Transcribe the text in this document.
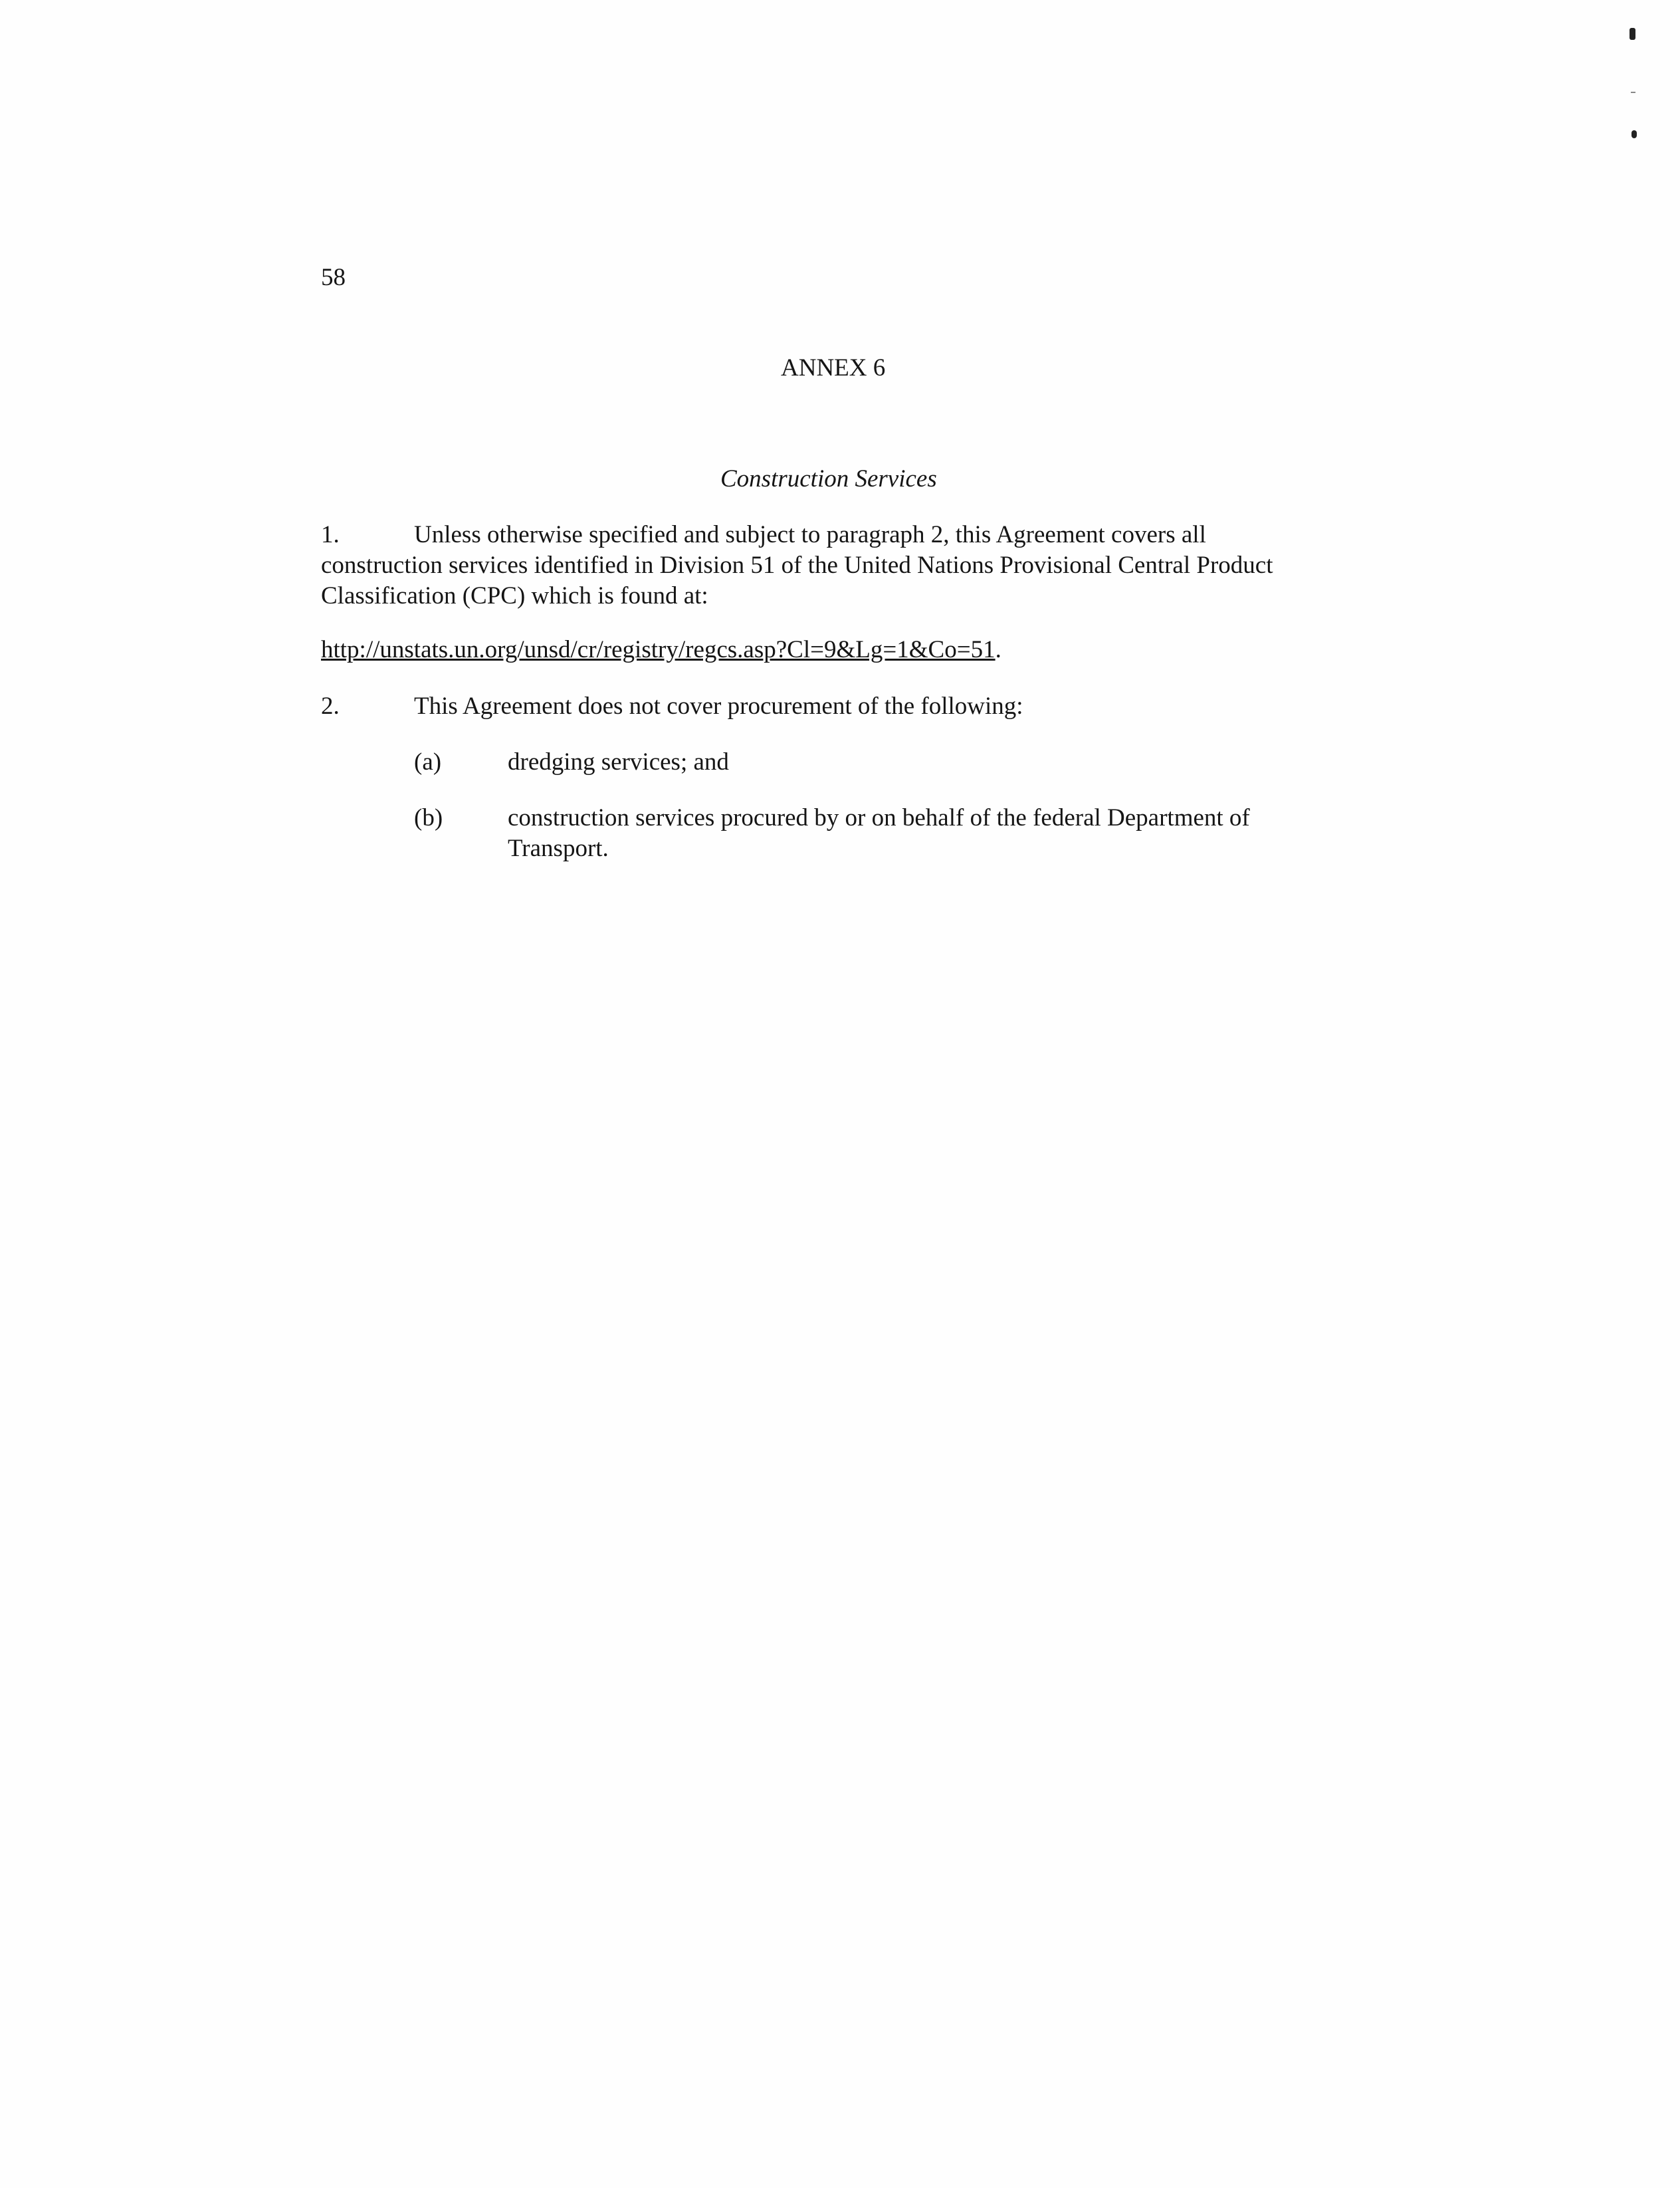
58
ANNEX 6
Construction Services
1.	Unless otherwise specified and subject to paragraph 2, this Agreement covers all
construction services identified in Division 51 of the United Nations Provisional Central Product
Classification (CPC) which is found at:
http://unstats.un.org/unsd/cr/registry/regcs.asp?Cl=9&Lg=1&Co=51.
2.	This Agreement does not cover procurement of the following:
(a)	dredging services; and
(b)	construction services procured by or on behalf of the federal Department of
Transport.
